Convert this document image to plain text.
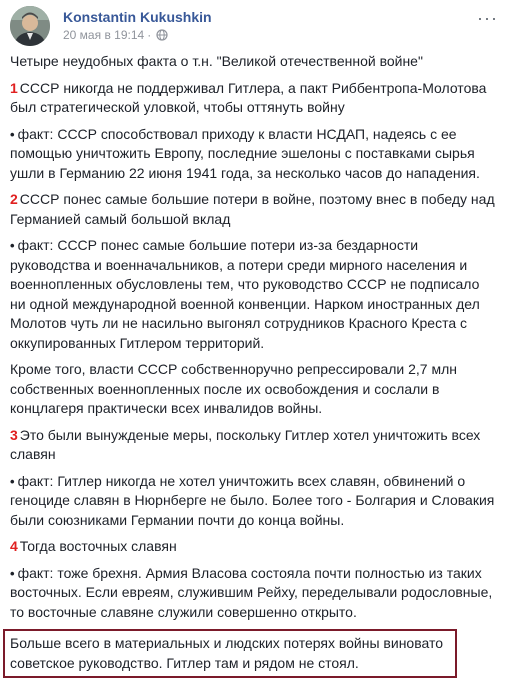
Konstantin Kukushkin
20 мая в 19:14 ·
···

Четыре неудобных факта о т.н. "Великой отечественной войне"

1 СССР никогда не поддерживал Гитлера, а пакт Риббентропа-Молотова был стратегической уловкой, чтобы оттянуть войну

• факт: СССР способствовал приходу к власти НСДАП, надеясь с ее помощью уничтожить Европу, последние эшелоны с поставками сырья ушли в Германию 22 июня 1941 года, за несколько часов до нападения.

2 СССР понес самые большие потери в войне, поэтому внес в победу над Германией самый большой вклад

• факт: СССР понес самые большие потери из-за бездарности руководства и военначальников, а потери среди мирного населения и военнопленных обусловлены тем, что руководство СССР не подписало ни одной международной военной конвенции. Нарком иностранных дел Молотов чуть ли не насильно выгонял сотрудников Красного Креста с оккупированных Гитлером территорий.

Кроме того, власти СССР собственноручно репрессировали 2,7 млн собственных военнопленных после их освобождения и сослали в концлагеря практически всех инвалидов войны.

3 Это были вынужденые меры, поскольку Гитлер хотел уничтожить всех славян

• факт: Гитлер никогда не хотел уничтожить всех славян, обвинений о геноциде славян в Нюрнберге не было. Более того - Болгария и Словакия были союзниками Германии почти до конца войны.

4 Тогда восточных славян

• факт: тоже брехня. Армия Власова состояла почти полностью из таких восточных. Если евреям, служившим Рейху, переделывали родословные, то восточные славяне служили совершенно открыто.

Больше всего в материальных и людских потерях войны виновато советское руководство. Гитлер там и рядом не стоял.
